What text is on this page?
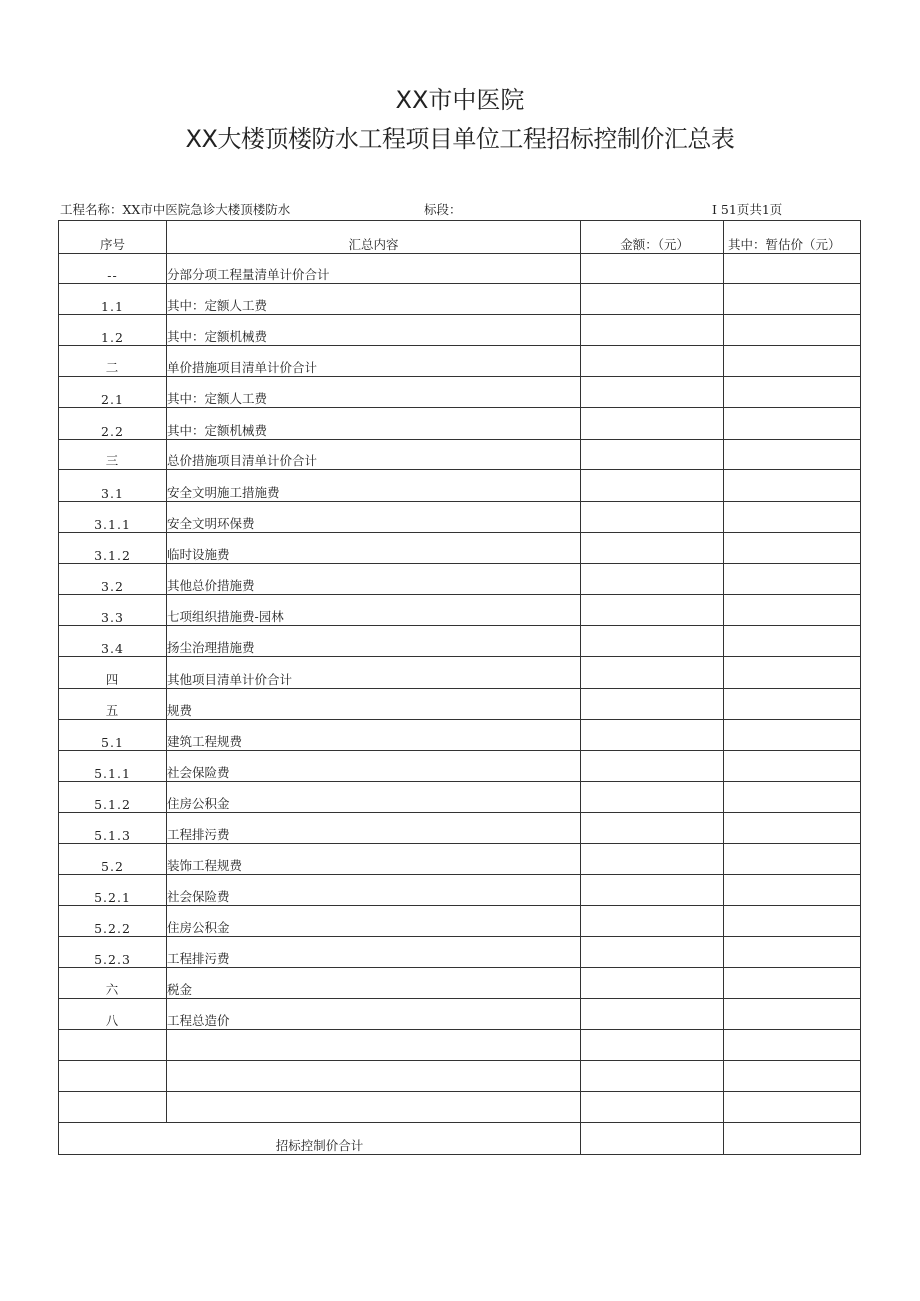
XX市中医院
XX大楼顶楼防水工程项目单位工程招标控制价汇总表
工程名称：XX市中医院急诊大楼顶楼防水	标段：	I 51页共1页
序号	汇总内容	金额：（元）	其中：暂估价（元）
--	分部分项工程量清单计价合计		
1.1	其中：定额人工费		
1.2	其中：定额机械费		
二	单价措施项目清单计价合计		
2.1	其中：定额人工费		
2.2	其中：定额机械费		
三	总价措施项目清单计价合计		
3.1	安全文明施工措施费		
3.1.1	安全文明环保费		
3.1.2	临时设施费		
3.2	其他总价措施费		
3.3	七项组织措施费-园林		
3.4	扬尘治理措施费		
四	其他项目清单计价合计		
五	规费		
5.1	建筑工程规费		
5.1.1	社会保险费		
5.1.2	住房公积金		
5.1.3	工程排污费		
5.2	装饰工程规费		
5.2.1	社会保险费		
5.2.2	住房公积金		
5.2.3	工程排污费		
六	税金		
八	工程总造价		

招标控制价合计			
